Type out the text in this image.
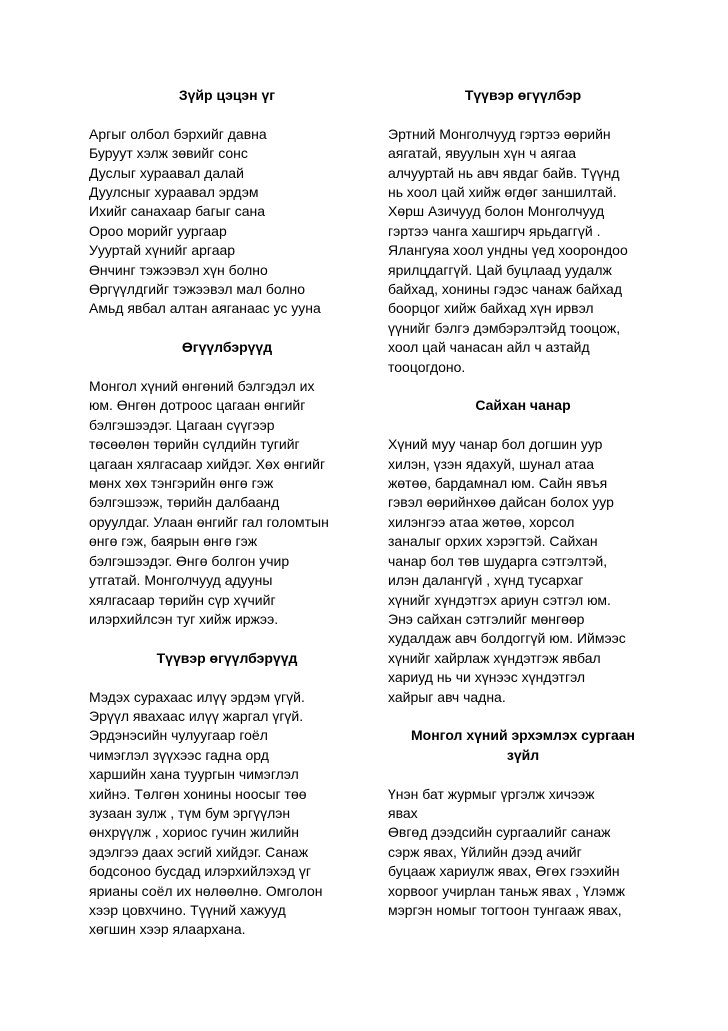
Зүйр цэцэн үг

Аргыг олбол бэрхийг давна
Буруут хэлж зөвийг сонс
Дуслыг хураавал далай
Дуулсныг хураавал эрдэм
Ихийг санахаар багыг сана
Ороо морийг уургаар
Уууртай хүнийг аргаар
Өнчинг тэжээвэл хүн болно
Өргүүлдгийг тэжээвэл мал болно
Амьд явбал алтан аяганаас ус ууна

Өгүүлбэрүүд

Монгол хүний өнгөний бэлгэдэл их
юм. Өнгөн дотроос цагаан өнгийг
бэлгэшээдэг. Цагаан сүүгээр
төсөөлөн төрийн сүлдийн тугийг
цагаан хялгасаар хийдэг. Хөх өнгийг
мөнх хөх тэнгэрийн өнгө гэж
бэлгэшээж, төрийн далбаанд
оруулдаг. Улаан өнгийг гал голомтын
өнгө гэж, баярын өнгө гэж
бэлгэшээдэг. Өнгө болгон учир
утгатай. Монголчууд адууны
хялгасаар төрийн сүр хүчийг
илэрхийлсэн туг хийж иржээ.

Түүвэр өгүүлбэрүүд

Мэдэх сурахаас илүү эрдэм үгүй.
Эрүүл явахаас илүү жаргал үгүй.
Эрдэнэсийн чулуугаар гоёл
чимэглэл зүүхээс гадна орд
харшийн хана туургын чимэглэл
хийнэ. Төлгөн хонины ноосыг төө
зузаан зулж , түм бум эргүүлэн
өнхрүүлж , хориос гучин жилийн
эдэлгээ даах эсгий хийдэг. Санаж
бодсоноо бусдад илэрхийлэхэд үг
ярианы соёл их нөлөөлнө. Омголон
хээр цовхчино. Түүний хажууд
хөгшин хээр ялаархана.

Түүвэр өгүүлбэр

Эртний Монголчууд гэртээ өөрийн
аягатай, явуулын хүн ч аягаа
алчууртай нь авч явдаг байв. Түүнд
нь хоол цай хийж өгдөг заншилтай.
Хөрш Азичууд болон Монголчууд
гэртээ чанга хашгирч ярьдаггүй .
Ялангуяа хоол ундны үед хоорондоо
ярилцдаггүй. Цай буцлаад уудалж
байхад, хонины гэдэс чанаж байхад
боорцог хийж байхад хүн ирвэл
үүнийг бэлгэ дэмбэрэлтэйд тооцож,
хоол цай чанасан айл ч азтайд
тооцогдоно.

Сайхан чанар

Хүний муу чанар бол догшин уур
хилэн, үзэн ядахуй, шунал атаа
жөтөө, бардамнал юм. Сайн явъя
гэвэл өөрийнхөө дайсан болох уур
хилэнгээ атаа жөтөө, хорсол
заналыг орхих хэрэгтэй. Сайхан
чанар бол төв шударга сэтгэлтэй,
илэн далангүй , хүнд тусархаг
хүнийг хүндэтгэх ариун сэтгэл юм.
Энэ сайхан сэтгэлийг мөнгөөр
худалдаж авч болдоггүй юм. Иймээс
хүнийг хайрлаж хүндэтгэж явбал
хариуд нь чи хүнээс хүндэтгэл
хайрыг авч чадна.

Монгол хүний эрхэмлэх сургаан

зүйл

Үнэн бат журмыг үргэлж хичээж
явах
Өвгөд дээдсийн сургаалийг санаж
сэрж явах, Үйлийн дээд ачийг
буцааж хариулж явах, Өгөх гээхийн
хорвоог учирлан таньж явах , Үлэмж
мэргэн номыг тогтоон тунгааж явах,
